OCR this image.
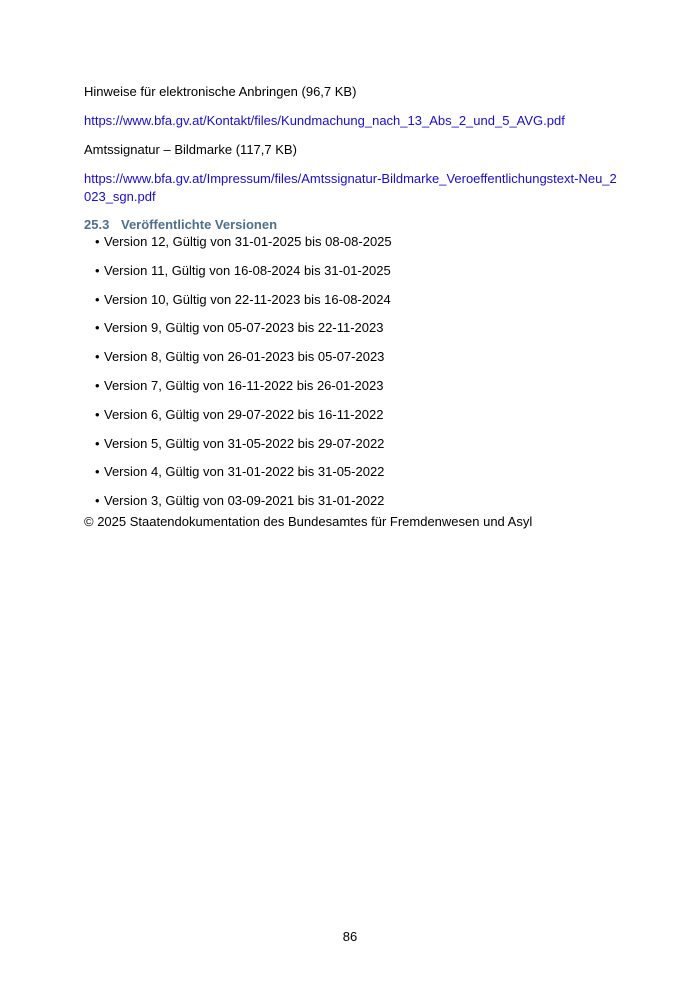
Hinweise für elektronische Anbringen (96,7 KB)

https://www.bfa.gv.at/Kontakt/files/Kundmachung_nach_13_Abs_2_und_5_AVG.pdf

Amtssignatur – Bildmarke (117,7 KB)

https://www.bfa.gv.at/Impressum/files/Amtssignatur-Bildmarke_Veroeffentlichungstext-Neu_2
023_sgn.pdf

25.3 Veröffentlichte Versionen
• Version 12, Gültig von 31-01-2025 bis 08-08-2025
• Version 11, Gültig von 16-08-2024 bis 31-01-2025
• Version 10, Gültig von 22-11-2023 bis 16-08-2024
• Version 9, Gültig von 05-07-2023 bis 22-11-2023
• Version 8, Gültig von 26-01-2023 bis 05-07-2023
• Version 7, Gültig von 16-11-2022 bis 26-01-2023
• Version 6, Gültig von 29-07-2022 bis 16-11-2022
• Version 5, Gültig von 31-05-2022 bis 29-07-2022
• Version 4, Gültig von 31-01-2022 bis 31-05-2022
• Version 3, Gültig von 03-09-2021 bis 31-01-2022

© 2025 Staatendokumentation des Bundesamtes für Fremdenwesen und Asyl

86
